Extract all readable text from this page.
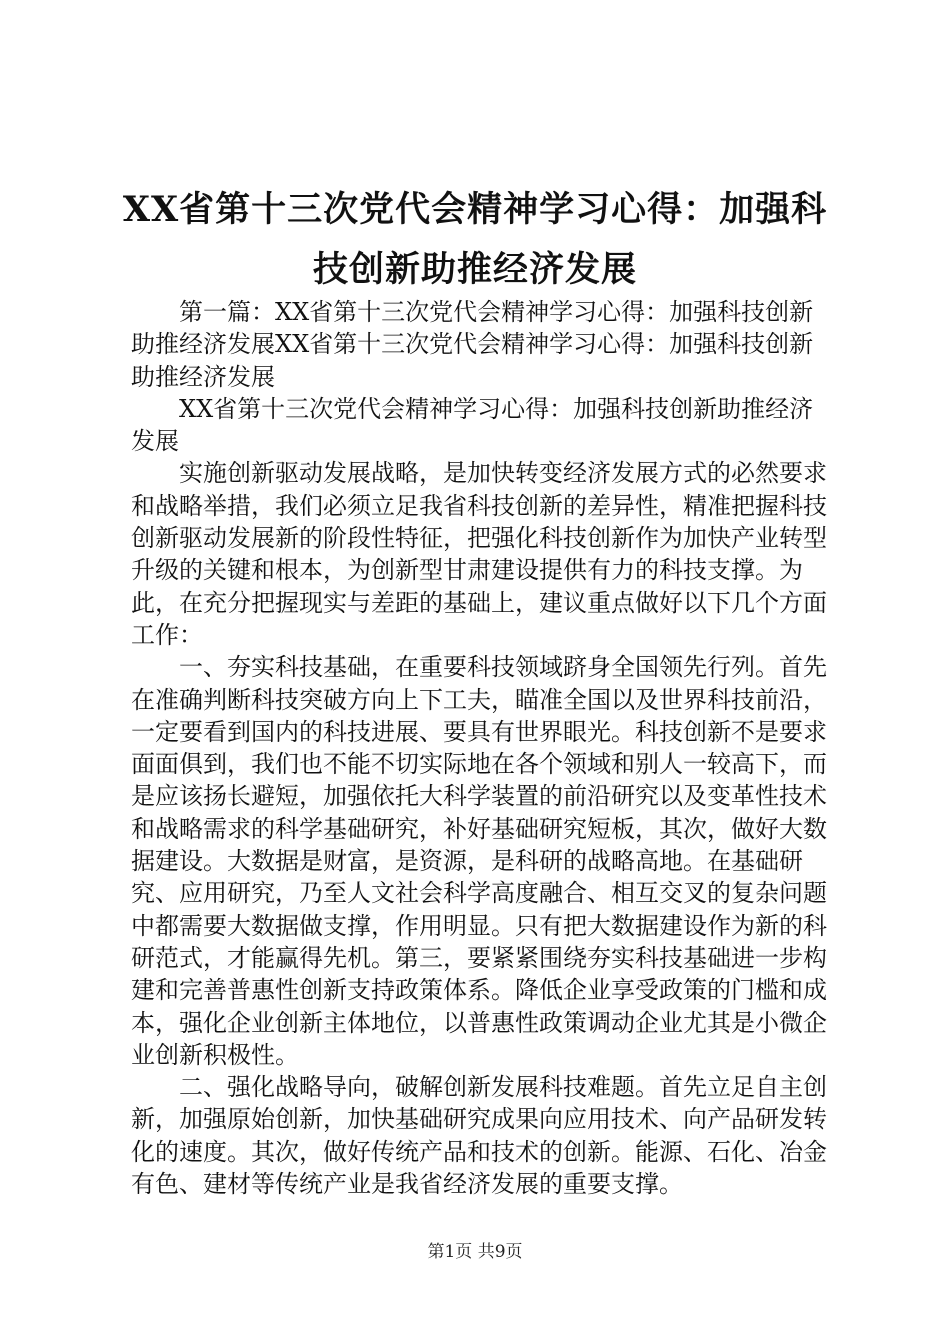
XX省第十三次党代会精神学习心得：加强科
技创新助推经济发展

第一篇：XX省第十三次党代会精神学习心得：加强科技创新助推经济发展XX省第十三次党代会精神学习心得：加强科技创新助推经济发展

XX省第十三次党代会精神学习心得：加强科技创新助推经济发展

实施创新驱动发展战略，是加快转变经济发展方式的必然要求和战略举措，我们必须立足我省科技创新的差异性，精准把握科技创新驱动发展新的阶段性特征，把强化科技创新作为加快产业转型升级的关键和根本，为创新型甘肃建设提供有力的科技支撑。为此，在充分把握现实与差距的基础上，建议重点做好以下几个方面工作：

一、夯实科技基础，在重要科技领域跻身全国领先行列。首先在准确判断科技突破方向上下工夫，瞄准全国以及世界科技前沿，一定要看到国内的科技进展、要具有世界眼光。科技创新不是要求面面俱到，我们也不能不切实际地在各个领域和别人一较高下，而是应该扬长避短，加强依托大科学装置的前沿研究以及变革性技术和战略需求的科学基础研究，补好基础研究短板，其次，做好大数据建设。大数据是财富，是资源，是科研的战略高地。在基础研究、应用研究，乃至人文社会科学高度融合、相互交叉的复杂问题中都需要大数据做支撑，作用明显。只有把大数据建设作为新的科研范式，才能赢得先机。第三，要紧紧围绕夯实科技基础进一步构建和完善普惠性创新支持政策体系。降低企业享受政策的门槛和成本，强化企业创新主体地位，以普惠性政策调动企业尤其是小微企业创新积极性。

二、强化战略导向，破解创新发展科技难题。首先立足自主创新，加强原始创新，加快基础研究成果向应用技术、向产品研发转化的速度。其次，做好传统产品和技术的创新。能源、石化、冶金有色、建材等传统产业是我省经济发展的重要支撑。

第1页 共9页
